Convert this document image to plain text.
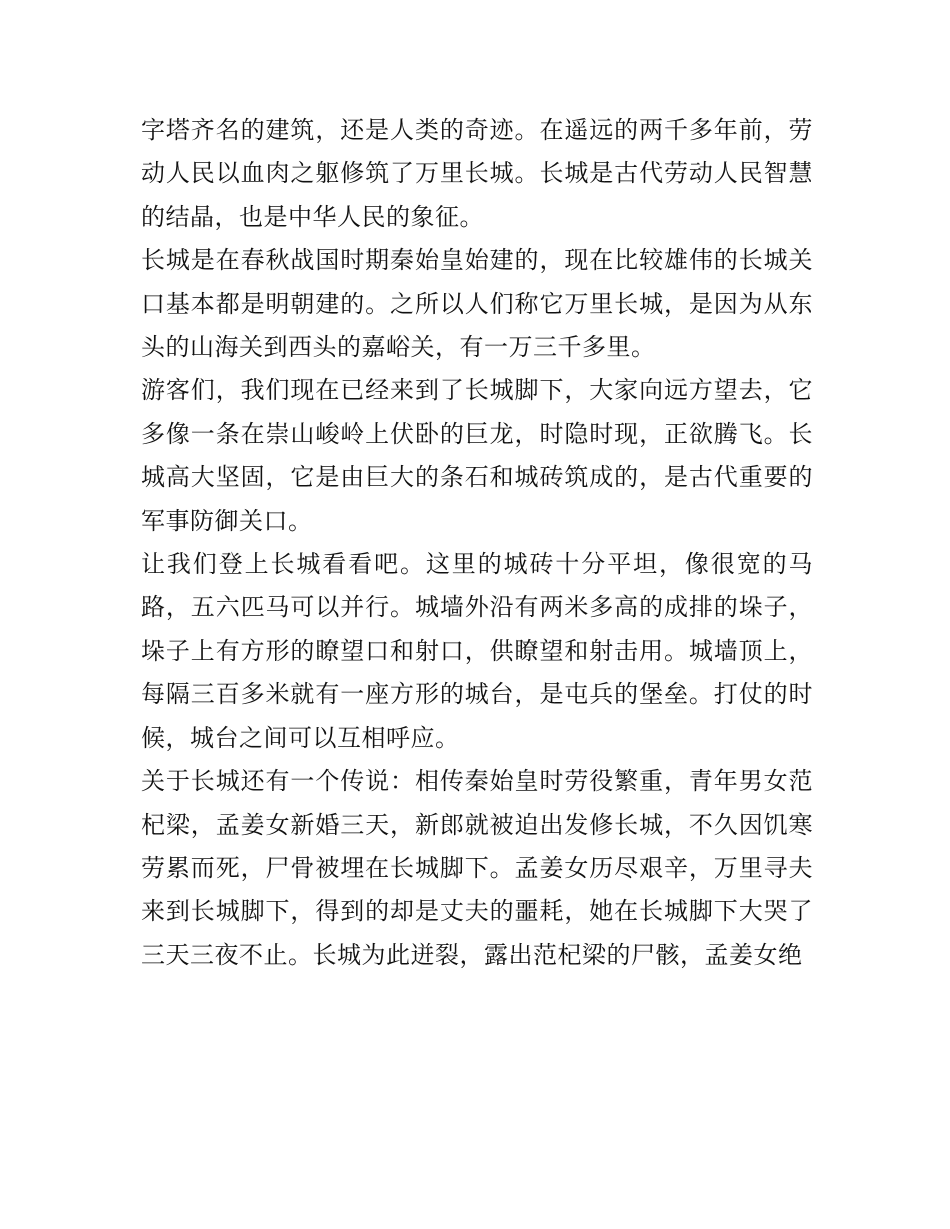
字塔齐名的建筑，还是人类的奇迹。在遥远的两千多年前，劳动人民以血肉之躯修筑了万里长城。长城是古代劳动人民智慧的结晶，也是中华人民的象征。

长城是在春秋战国时期秦始皇始建的，现在比较雄伟的长城关口基本都是明朝建的。之所以人们称它万里长城，是因为从东头的山海关到西头的嘉峪关，有一万三千多里。

游客们，我们现在已经来到了长城脚下，大家向远方望去，它多像一条在崇山峻岭上伏卧的巨龙，时隐时现，正欲腾飞。长城高大坚固，它是由巨大的条石和城砖筑成的，是古代重要的军事防御关口。

让我们登上长城看看吧。这里的城砖十分平坦，像很宽的马路，五六匹马可以并行。城墙外沿有两米多高的成排的垛子，垛子上有方形的瞭望口和射口，供瞭望和射击用。城墙顶上，每隔三百多米就有一座方形的城台，是屯兵的堡垒。打仗的时候，城台之间可以互相呼应。

关于长城还有一个传说：相传秦始皇时劳役繁重，青年男女范杞梁，孟姜女新婚三天，新郎就被迫出发修长城，不久因饥寒劳累而死，尸骨被埋在长城脚下。孟姜女历尽艰辛，万里寻夫来到长城脚下，得到的却是丈夫的噩耗，她在长城脚下大哭了三天三夜不止。长城为此迸裂，露出范杞梁的尸骸，孟姜女绝
